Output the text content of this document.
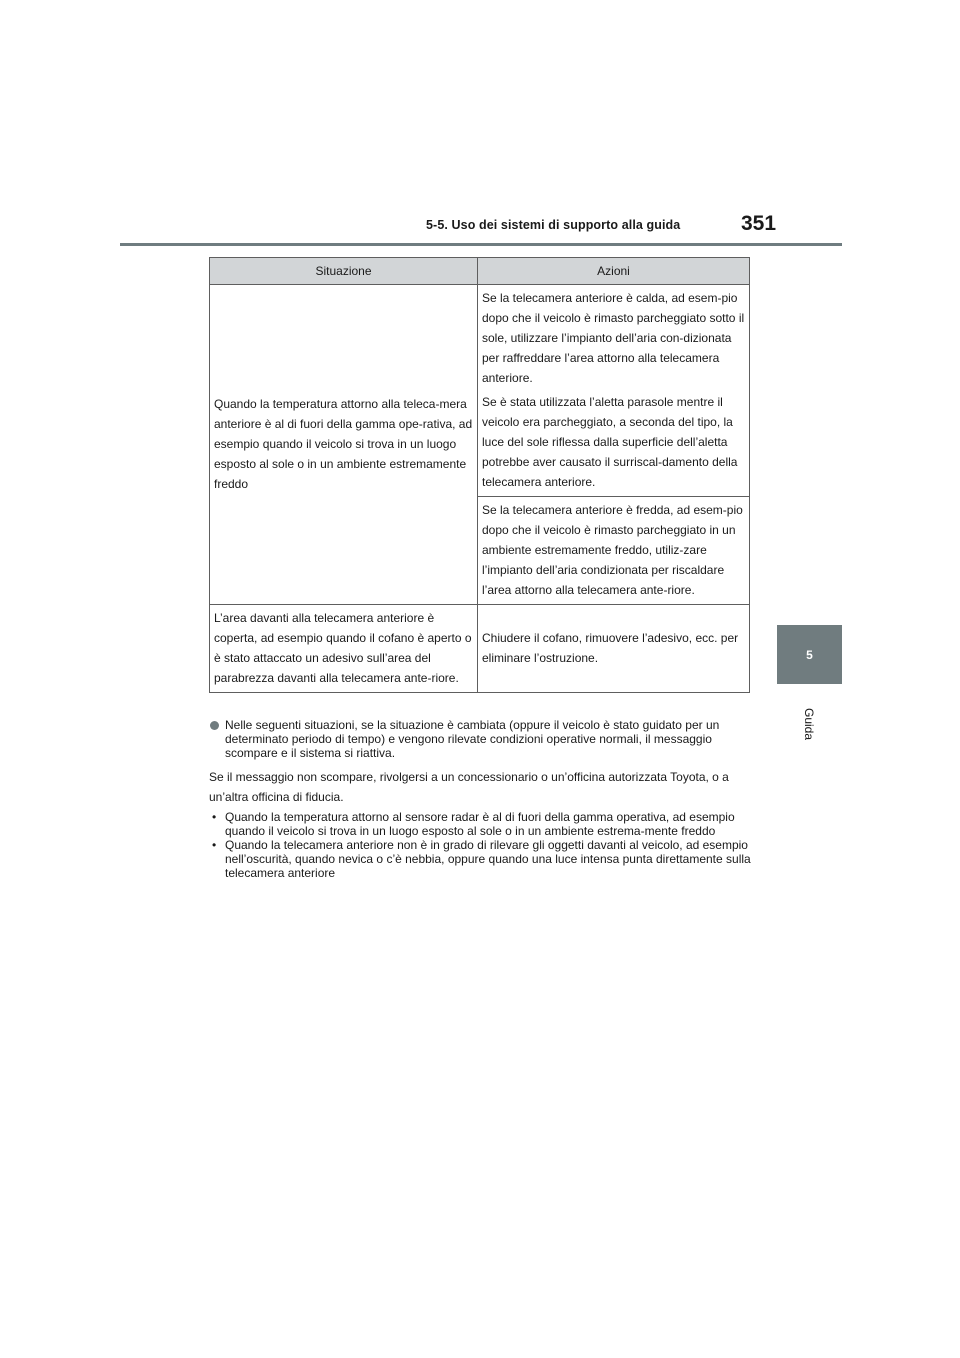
5-5. Uso dei sistemi di supporto alla guida	351
5
Guida
Situazione	Azioni

Quando la temperatura attorno alla teleca-mera anteriore è al di fuori della gamma ope-rativa, ad esempio quando il veicolo si trova in un luogo esposto al sole o in un ambiente estremamente freddo	Se la telecamera anteriore è calda, ad esem-pio dopo che il veicolo è rimasto parcheggiato sotto il sole, utilizzare l’impianto dell’aria con-dizionata per raffreddare l’area attorno alla telecamera anteriore.

Se è stata utilizzata l’aletta parasole mentre il veicolo era parcheggiato, a seconda del tipo, la luce del sole riflessa dalla superficie dell’aletta potrebbe aver causato il surriscal-damento della telecamera anteriore.

	Se la telecamera anteriore è fredda, ad esem-pio dopo che il veicolo è rimasto parcheggiato in un ambiente estremamente freddo, utiliz-zare l’impianto dell’aria condizionata per riscaldare l’area attorno alla telecamera ante-riore.

L’area davanti alla telecamera anteriore è coperta, ad esempio quando il cofano è aperto o è stato attaccato un adesivo sull’area del parabrezza davanti alla telecamera ante-riore.	Chiudere il cofano, rimuovere l’adesivo, ecc. per eliminare l’ostruzione.

Nelle seguenti situazioni, se la situazione è cambiata (oppure il veicolo è stato guidato per un determinato periodo di tempo) e vengono rilevate condizioni operative normali, il messaggio scompare e il sistema si riattiva.
Se il messaggio non scompare, rivolgersi a un concessionario o un’officina autorizzata Toyota, o a un’altra officina di fiducia.
• Quando la temperatura attorno al sensore radar è al di fuori della gamma operativa, ad esempio quando il veicolo si trova in un luogo esposto al sole o in un ambiente estrema-mente freddo
• Quando la telecamera anteriore non è in grado di rilevare gli oggetti davanti al veicolo, ad esempio nell’oscurità, quando nevica o c’è nebbia, oppure quando una luce intensa punta direttamente sulla telecamera anteriore
